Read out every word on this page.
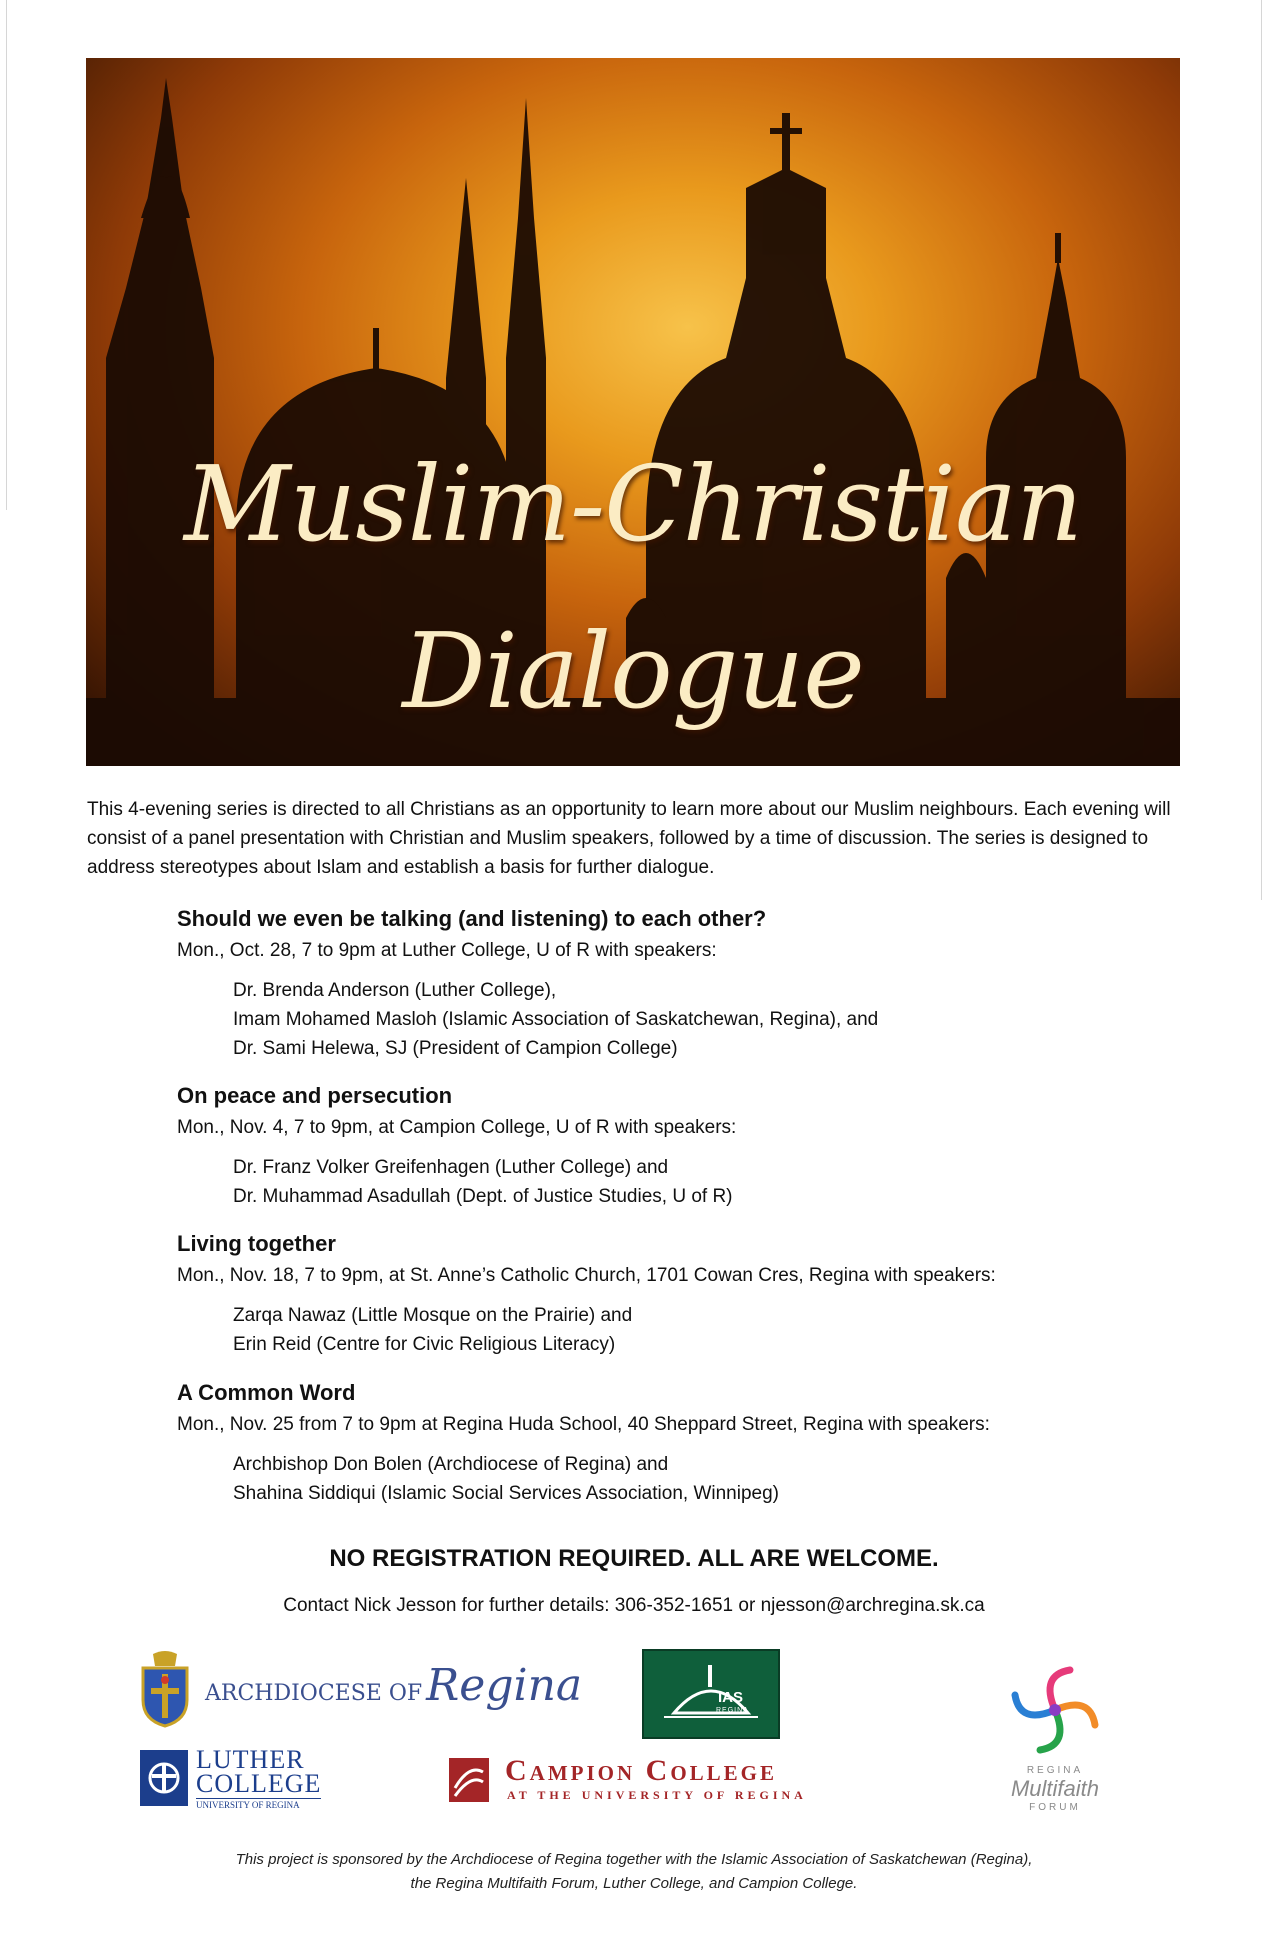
Muslim-Christian
Dialogue
This 4-evening series is directed to all Christians as an opportunity to learn more about our Muslim neighbours. Each evening will consist of a panel presentation with Christian and Muslim speakers, followed by a time of discussion. The series is designed to address stereotypes about Islam and establish a basis for further dialogue.
Should we even be talking (and listening) to each other?
Mon., Oct. 28, 7 to 9pm at Luther College, U of R with speakers:
Dr. Brenda Anderson (Luther College),
Imam Mohamed Masloh (Islamic Association of Saskatchewan, Regina), and
Dr. Sami Helewa, SJ (President of Campion College)
On peace and persecution
Mon., Nov. 4, 7 to 9pm, at Campion College, U of R with speakers:
Dr. Franz Volker Greifenhagen (Luther College) and
Dr. Muhammad Asadullah (Dept. of Justice Studies, U of R)
Living together
Mon., Nov. 18, 7 to 9pm, at St. Anne’s Catholic Church, 1701 Cowan Cres, Regina with speakers:
Zarqa Nawaz (Little Mosque on the Prairie) and
Erin Reid (Centre for Civic Religious Literacy)
A Common Word
Mon., Nov. 25 from 7 to 9pm at Regina Huda School, 40 Sheppard Street, Regina with speakers:
Archbishop Don Bolen (Archdiocese of Regina) and
Shahina Siddiqui (Islamic Social Services Association, Winnipeg)
NO REGISTRATION REQUIRED. ALL ARE WELCOME.
Contact Nick Jesson for further details: 306-352-1651 or njesson@archregina.sk.ca
ARCHDIOCESE OFRegina	IAS
REGINA
LUTHER
COLLEGE
UNIVERSITY OF REGINA
Campion College
AT THE UNIVERSITY OF REGINA
REGINA
Multifaith
FORUM
This project is sponsored by the Archdiocese of Regina together with the Islamic Association of Saskatchewan (Regina),
the Regina Multifaith Forum, Luther College, and Campion College.
